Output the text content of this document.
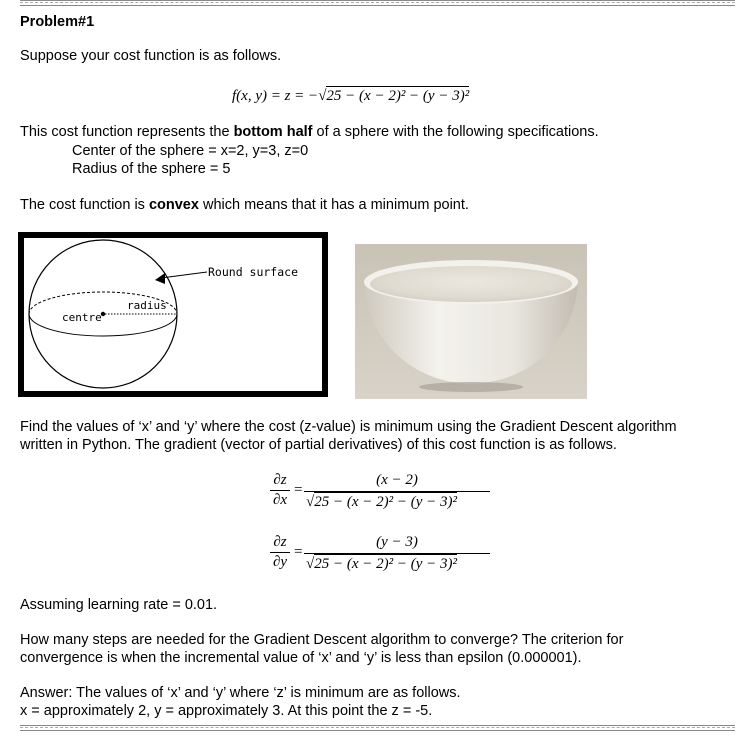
Problem#1
Suppose your cost function is as follows.
f(x, y) = z = −√25 − (x − 2)² − (y − 3)²
This cost function represents the bottom half of a sphere with the following specifications.
Center of the sphere = x=2, y=3, z=0
Radius of the sphere = 5
The cost function is convex which means that it has a minimum point.
Round surface
radius
centre
Find the values of ‘x’ and ‘y’ where the cost (z-value) is minimum using the Gradient Descent algorithm
written in Python. The gradient (vector of partial derivatives) of this cost function is as follows.
∂z
∂x
=
(x − 2)
√25 − (x − 2)² − (y − 3)²
∂z
∂y
=
(y − 3)
√25 − (x − 2)² − (y − 3)²
Assuming learning rate = 0.01.
How many steps are needed for the Gradient Descent algorithm to converge? The criterion for
convergence is when the incremental value of ‘x’ and ‘y’ is less than epsilon (0.000001).
Answer: The values of ‘x’ and ‘y’ where ‘z’ is minimum are as follows.
x = approximately 2, y = approximately 3. At this point the z = -5.
